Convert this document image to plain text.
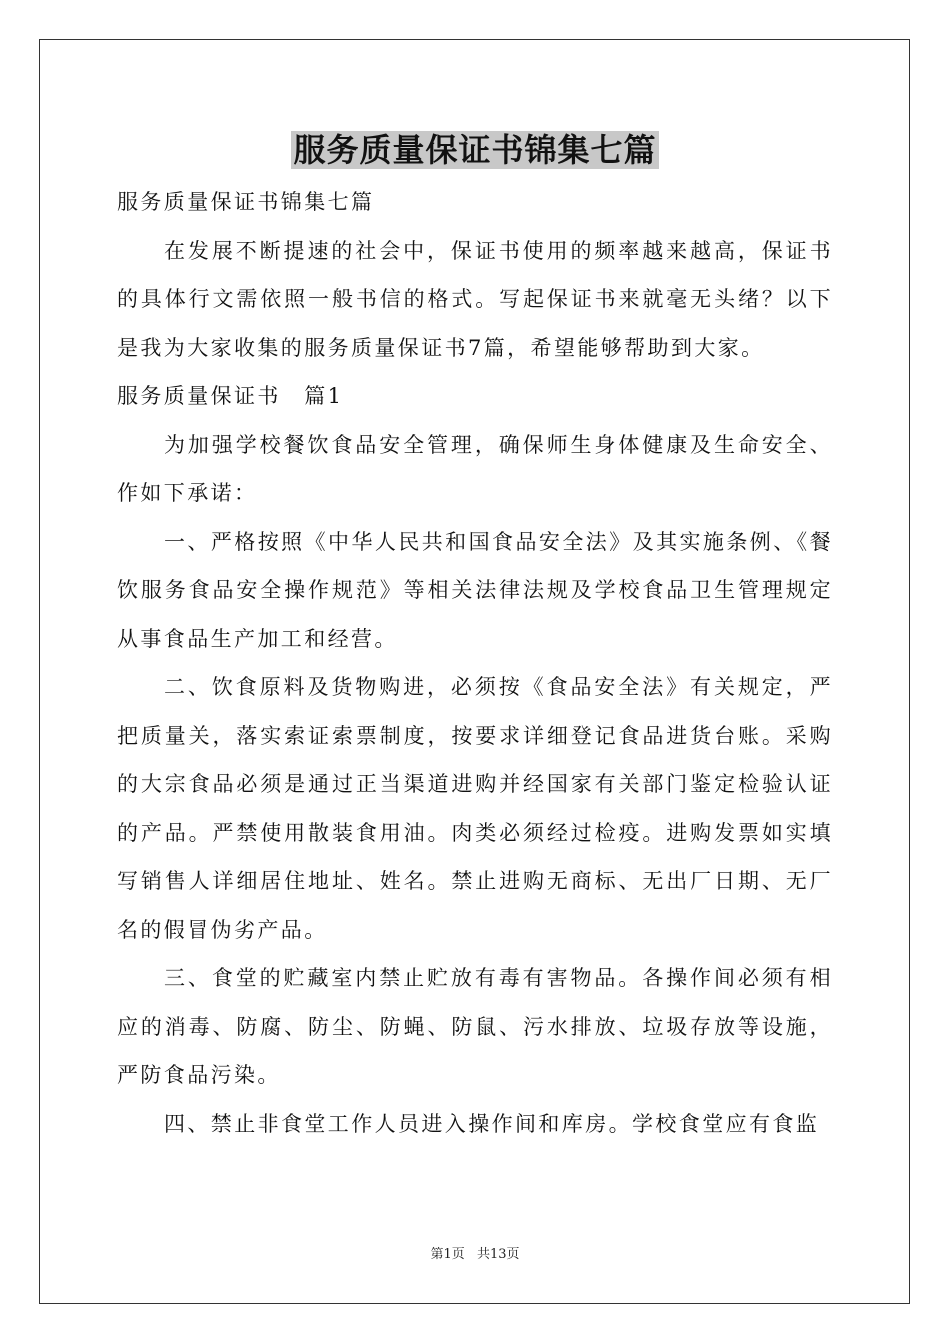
服务质量保证书锦集七篇

服务质量保证书锦集七篇

在发展不断提速的社会中，保证书使用的频率越来越高，保证书的具体行文需依照一般书信的格式。写起保证书来就毫无头绪？以下是我为大家收集的服务质量保证书7篇，希望能够帮助到大家。

服务质量保证书　篇1

为加强学校餐饮食品安全管理，确保师生身体健康及生命安全、作如下承诺：

一、严格按照《中华人民共和国食品安全法》及其实施条例、《餐饮服务食品安全操作规范》等相关法律法规及学校食品卫生管理规定从事食品生产加工和经营。

二、饮食原料及货物购进，必须按《食品安全法》有关规定，严把质量关，落实索证索票制度，按要求详细登记食品进货台账。采购的大宗食品必须是通过正当渠道进购并经国家有关部门鉴定检验认证的产品。严禁使用散装食用油。肉类必须经过检疫。进购发票如实填写销售人详细居住地址、姓名。禁止进购无商标、无出厂日期、无厂名的假冒伪劣产品。

三、食堂的贮藏室内禁止贮放有毒有害物品。各操作间必须有相应的消毒、防腐、防尘、防蝇、防鼠、污水排放、垃圾存放等设施，严防食品污染。

四、禁止非食堂工作人员进入操作间和库房。学校食堂应有食监

第1页 共13页
